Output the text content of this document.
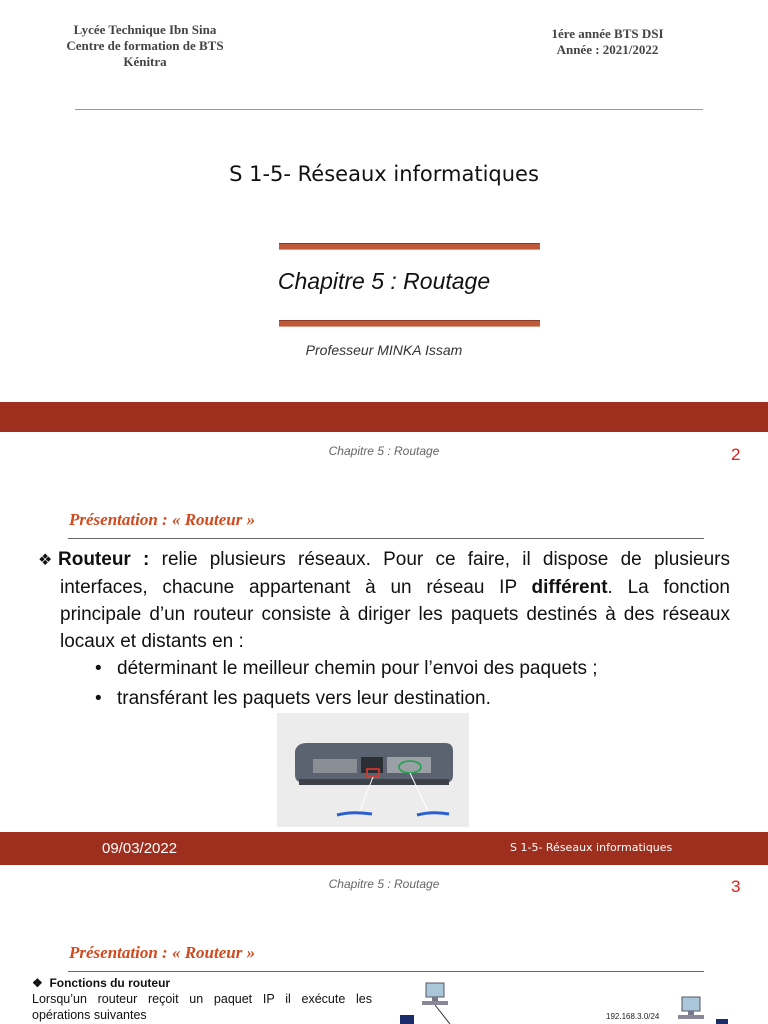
Lycée Technique Ibn Sina
Centre de formation de BTS
Kénitra
1ére année BTS DSI
Année : 2021/2022
S 1-5- Réseaux informatiques
Chapitre 5 : Routage
Professeur MINKA Issam
Chapitre 5 : Routage	2
Présentation : « Routeur »

❖ Routeur : relie plusieurs réseaux. Pour ce faire, il dispose de plusieurs interfaces, chacune appartenant à un réseau IP différent. La fonction principale d’un routeur consiste à diriger les paquets destinés à des réseaux locaux et distants en :

• déterminant le meilleur chemin pour l’envoi des paquets ;
• transférant les paquets vers leur destination.
09/03/2022	S 1-5- Réseaux informatiques
Chapitre 5 : Routage	3
Présentation : « Routeur »
❖  Fonctions du routeur
Lorsqu’un routeur reçoit un paquet IP il exécute les opérations suivantes	192.168.3.0/24
